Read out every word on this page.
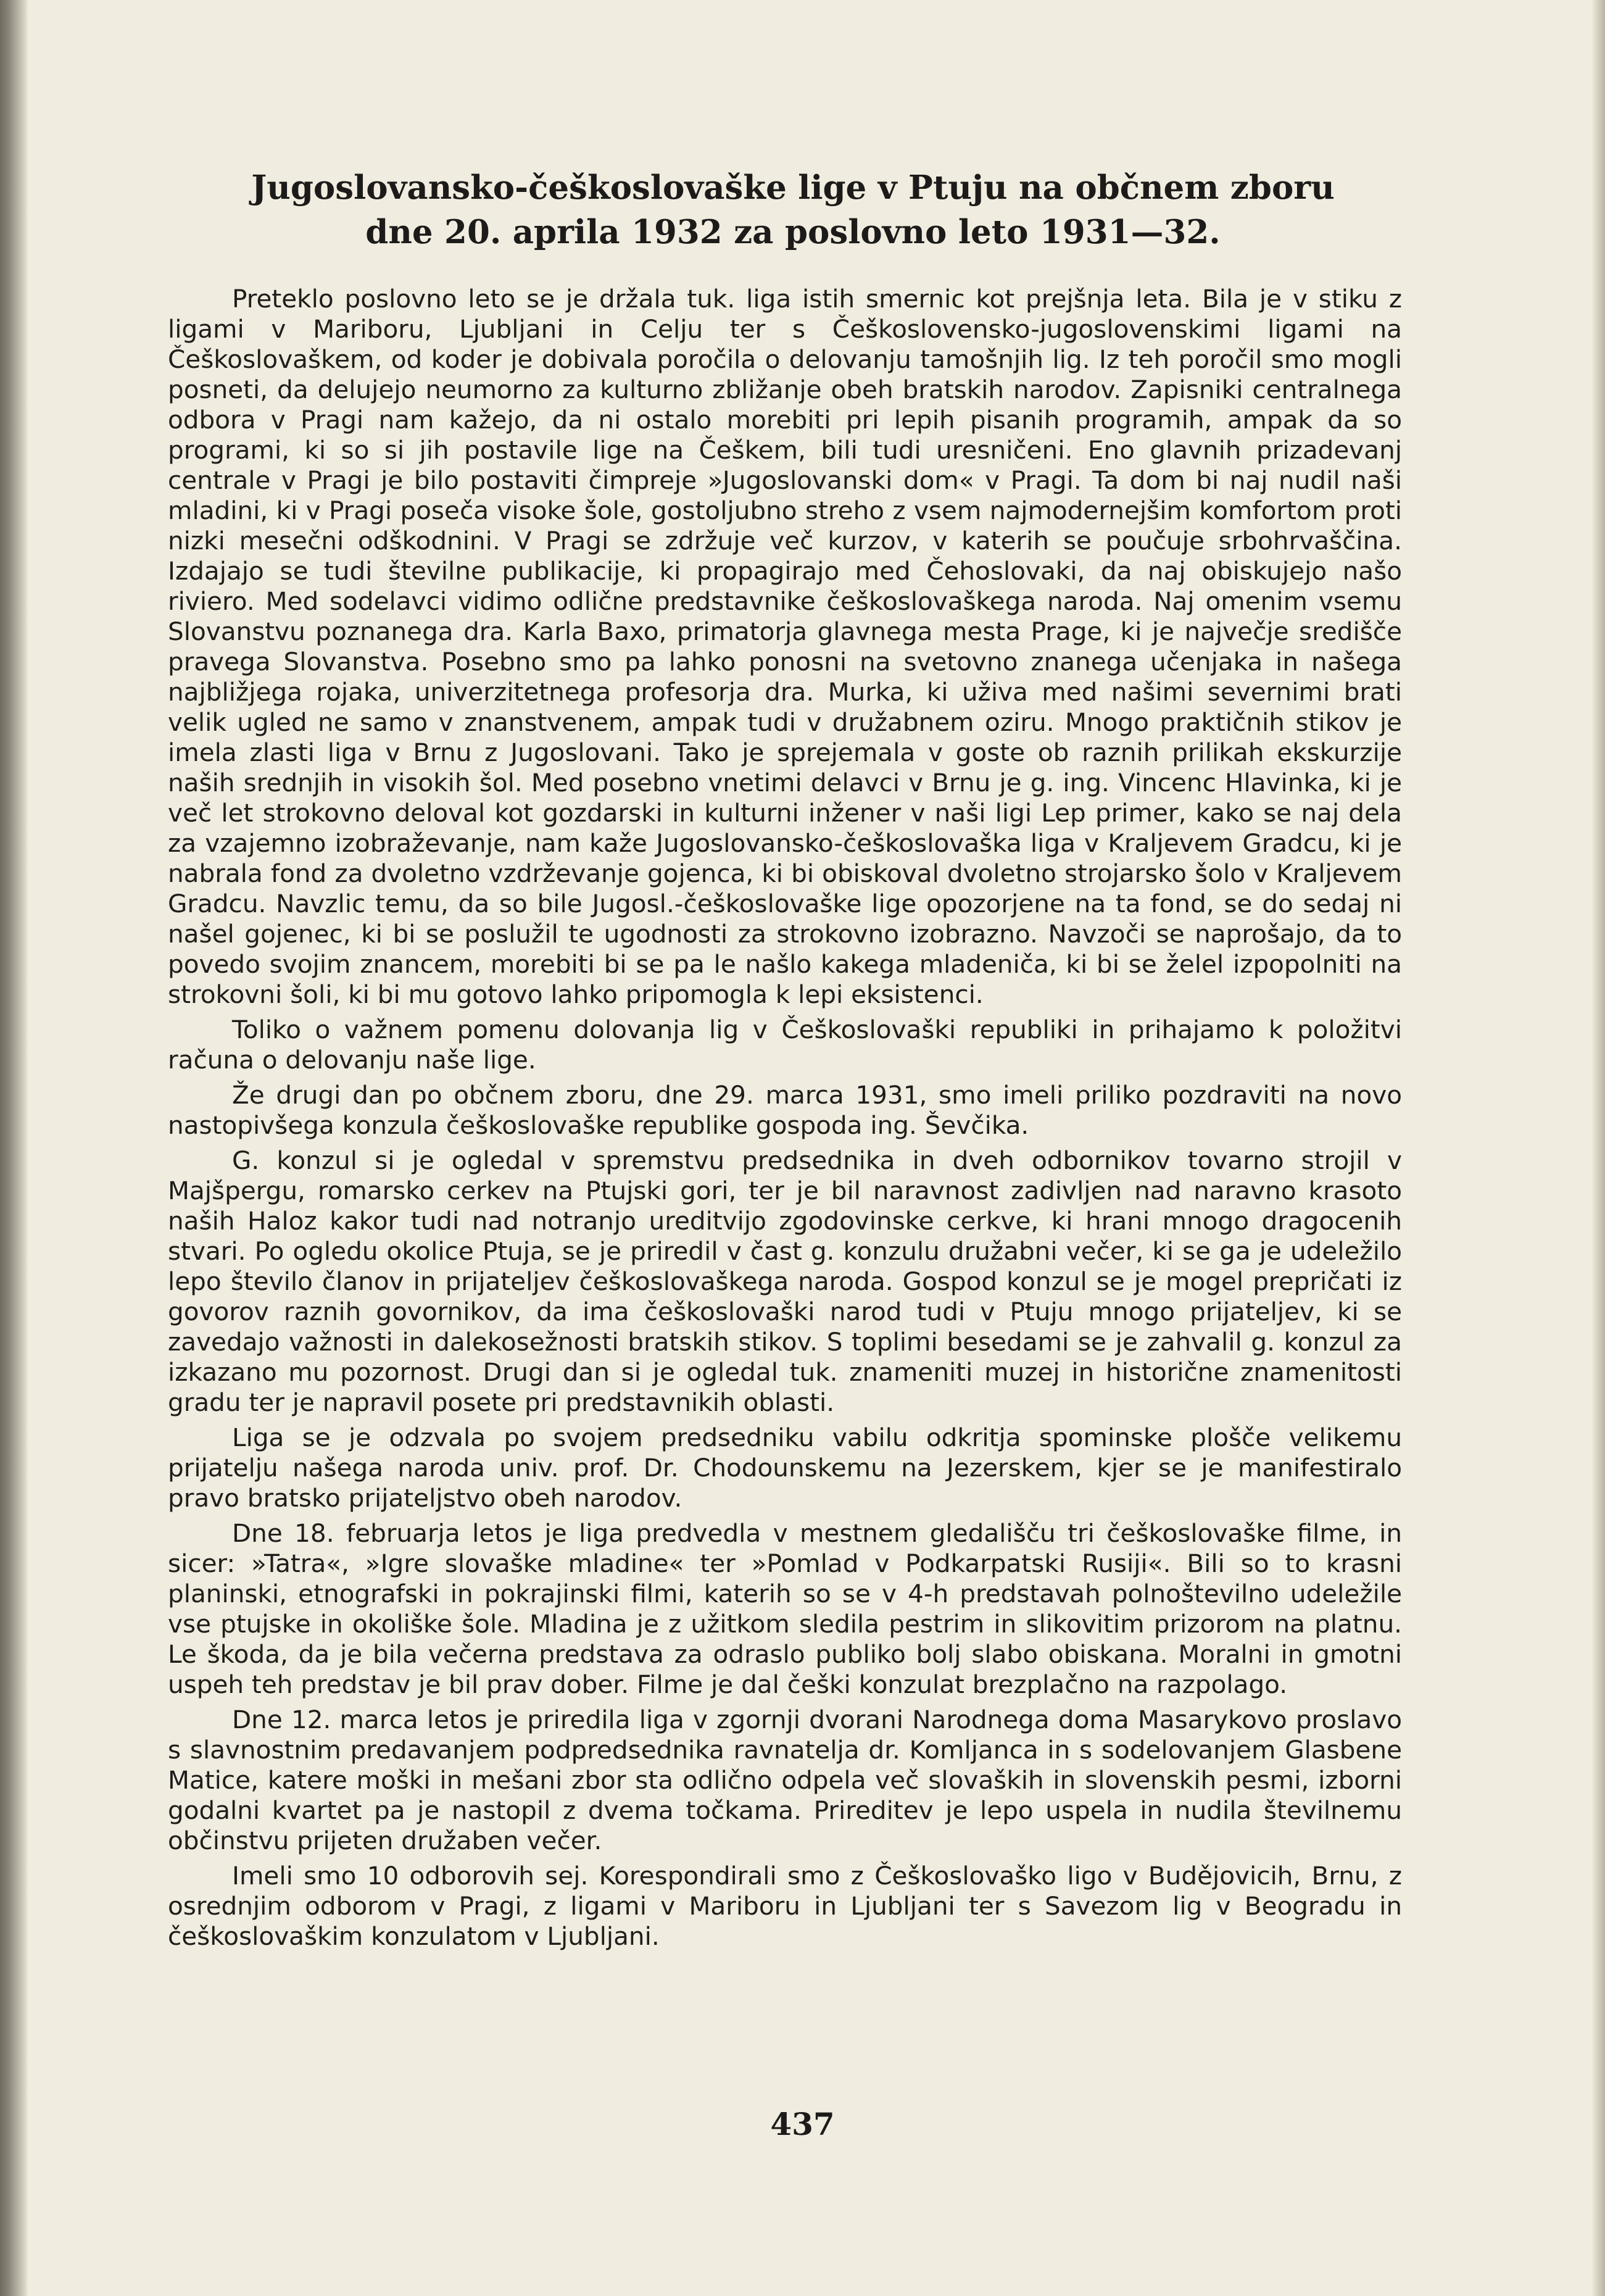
Jugoslovansko-češkoslovaške lige v Ptuju na občnem zboru
dne 20. aprila 1932 za poslovno leto 1931—32.

Preteklo poslovno leto se je držala tuk. liga istih smernic kot prejšnja leta. Bila je v stiku z ligami v Mariboru, Ljubljani in Celju ter s Češkoslovensko-jugoslovenskimi ligami na Češkoslovaškem, od koder je dobivala poročila o delovanju tamošnjih lig. Iz teh poročil smo mogli posneti, da delujejo neumorno za kulturno zbližanje obeh bratskih narodov. Zapisniki centralnega odbora v Pragi nam kažejo, da ni ostalo morebiti pri lepih pisanih programih, ampak da so programi, ki so si jih postavile lige na Češkem, bili tudi uresničeni. Eno glavnih prizadevanj centrale v Pragi je bilo postaviti čimpreje »Jugoslovanski dom« v Pragi. Ta dom bi naj nudil naši mladini, ki v Pragi poseča visoke šole, gostoljubno streho z vsem najmodernejšim komfortom proti nizki mesečni odškodnini. V Pragi se zdržuje več kurzov, v katerih se poučuje srbohrvaščina. Izdajajo se tudi številne publikacije, ki propagirajo med Čehoslovaki, da naj obiskujejo našo riviero. Med sodelavci vidimo odlične predstavnike češkoslovaškega naroda. Naj omenim vsemu Slovanstvu poznanega dra. Karla Baxo, primatorja glavnega mesta Prage, ki je največje središče pravega Slovanstva. Posebno smo pa lahko ponosni na svetovno znanega učenjaka in našega najbližjega rojaka, univerzitetnega profesorja dra. Murka, ki uživa med našimi severnimi brati velik ugled ne samo v znanstvenem, ampak tudi v družabnem oziru. Mnogo praktičnih stikov je imela zlasti liga v Brnu z Jugoslovani. Tako je sprejemala v goste ob raznih prilikah ekskurzije naših srednjih in visokih šol. Med posebno vnetimi delavci v Brnu je g. ing. Vincenc Hlavinka, ki je več let strokovno deloval kot gozdarski in kulturni inžener v naši ligi Lep primer, kako se naj dela za vzajemno izobraževanje, nam kaže Jugoslovansko-češkoslovaška liga v Kraljevem Gradcu, ki je nabrala fond za dvoletno vzdrževanje gojenca, ki bi obiskoval dvoletno strojarsko šolo v Kraljevem Gradcu. Navzlic temu, da so bile Jugosl.-češkoslovaške lige opozorjene na ta fond, se do sedaj ni našel gojenec, ki bi se poslužil te ugodnosti za strokovno izobrazno. Navzoči se naprošajo, da to povedo svojim znancem, morebiti bi se pa le našlo kakega mladeniča, ki bi se želel izpopolniti na strokovni šoli, ki bi mu gotovo lahko pripomogla k lepi eksistenci.

Toliko o važnem pomenu dolovanja lig v Češkoslovaški republiki in prihajamo k položitvi računa o delovanju naše lige.

Že drugi dan po občnem zboru, dne 29. marca 1931, smo imeli priliko pozdraviti na novo nastopivšega konzula češkoslovaške republike gospoda ing. Ševčika.

G. konzul si je ogledal v spremstvu predsednika in dveh odbornikov tovarno strojil v Majšpergu, romarsko cerkev na Ptujski gori, ter je bil naravnost zadivljen nad naravno krasoto naših Haloz kakor tudi nad notranjo ureditvijo zgodovinske cerkve, ki hrani mnogo dragocenih stvari. Po ogledu okolice Ptuja, se je priredil v čast g. konzulu družabni večer, ki se ga je udeležilo lepo število članov in prijateljev češkoslovaškega naroda. Gospod konzul se je mogel prepričati iz govorov raznih govornikov, da ima češkoslovaški narod tudi v Ptuju mnogo prijateljev, ki se zavedajo važnosti in dalekosežnosti bratskih stikov. S toplimi besedami se je zahvalil g. konzul za izkazano mu pozornost. Drugi dan si je ogledal tuk. znameniti muzej in historične znamenitosti gradu ter je napravil posete pri predstavnikih oblasti.

Liga se je odzvala po svojem predsedniku vabilu odkritja spominske plošče velikemu prijatelju našega naroda univ. prof. Dr. Chodounskemu na Jezerskem, kjer se je manifestiralo pravo bratsko prijateljstvo obeh narodov.

Dne 18. februarja letos je liga predvedla v mestnem gledališču tri češkoslovaške filme, in sicer: »Tatra«, »Igre slovaške mladine« ter »Pomlad v Podkarpatski Rusiji«. Bili so to krasni planinski, etnografski in pokrajinski filmi, katerih so se v 4-h predstavah polnoštevilno udeležile vse ptujske in okoliške šole. Mladina je z užitkom sledila pestrim in slikovitim prizorom na platnu. Le škoda, da je bila večerna predstava za odraslo publiko bolj slabo obiskana. Moralni in gmotni uspeh teh predstav je bil prav dober. Filme je dal češki konzulat brezplačno na razpolago.

Dne 12. marca letos je priredila liga v zgornji dvorani Narodnega doma Masarykovo proslavo s slavnostnim predavanjem podpredsednika ravnatelja dr. Komljanca in s sodelovanjem Glasbene Matice, katere moški in mešani zbor sta odlično odpela več slovaških in slovenskih pesmi, izborni godalni kvartet pa je nastopil z dvema točkama. Prireditev je lepo uspela in nudila številnemu občinstvu prijeten družaben večer.

Imeli smo 10 odborovih sej. Korespondirali smo z Češkoslovaško ligo v Budějovicih, Brnu, z osrednjim odborom v Pragi, z ligami v Mariboru in Ljubljani ter s Savezom lig v Beogradu in češkoslovaškim konzulatom v Ljubljani.

437
